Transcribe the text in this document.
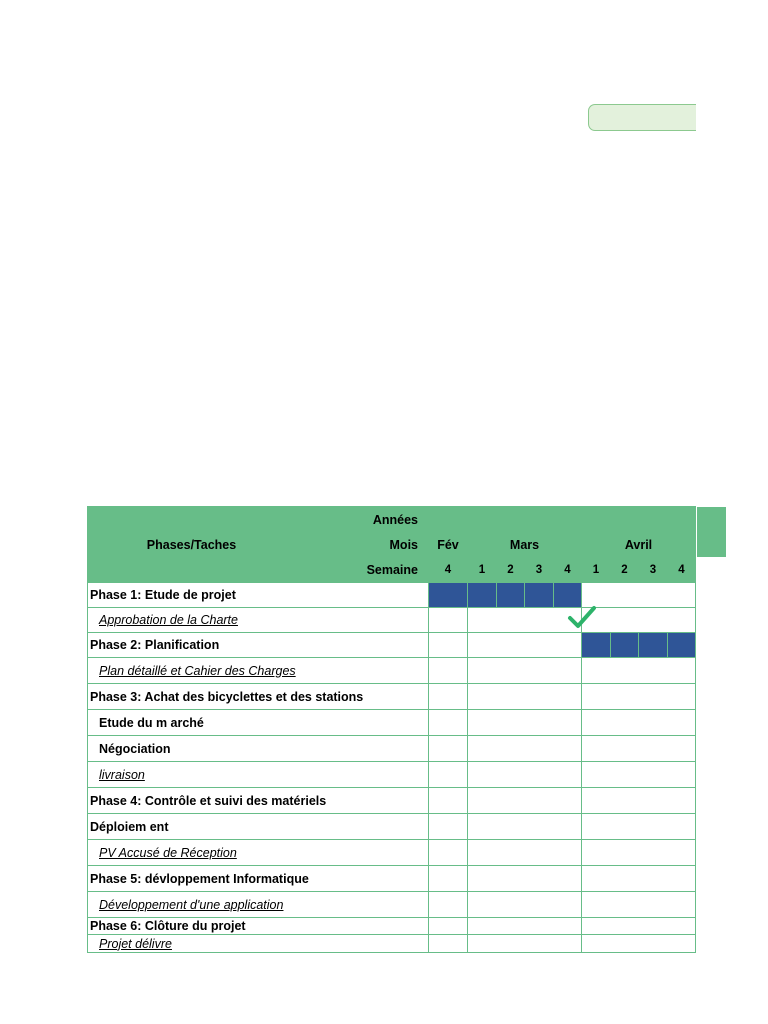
Phases/Taches	Années									
	Mois	Fév	Mars				Avril			
	Semaine	4	1	2	3	4	1	2	3	4
Phase 1: Etude de projet										
Approbation de la Charte			

Phase 2: Planification										
Plan détaillé et Cahier des Charges										
Phase 3: Achat des bicyclettes et des stations										
Etude du m arché										
Négociation										
livraison										
Phase 4: Contrôle et suivi des matériels										
Déploiem ent										
PV Accusé de Réception										
Phase 5: dévloppement Informatique										
Développement d'une application										
Phase 6: Clôture du projet										
Projet délivre										
